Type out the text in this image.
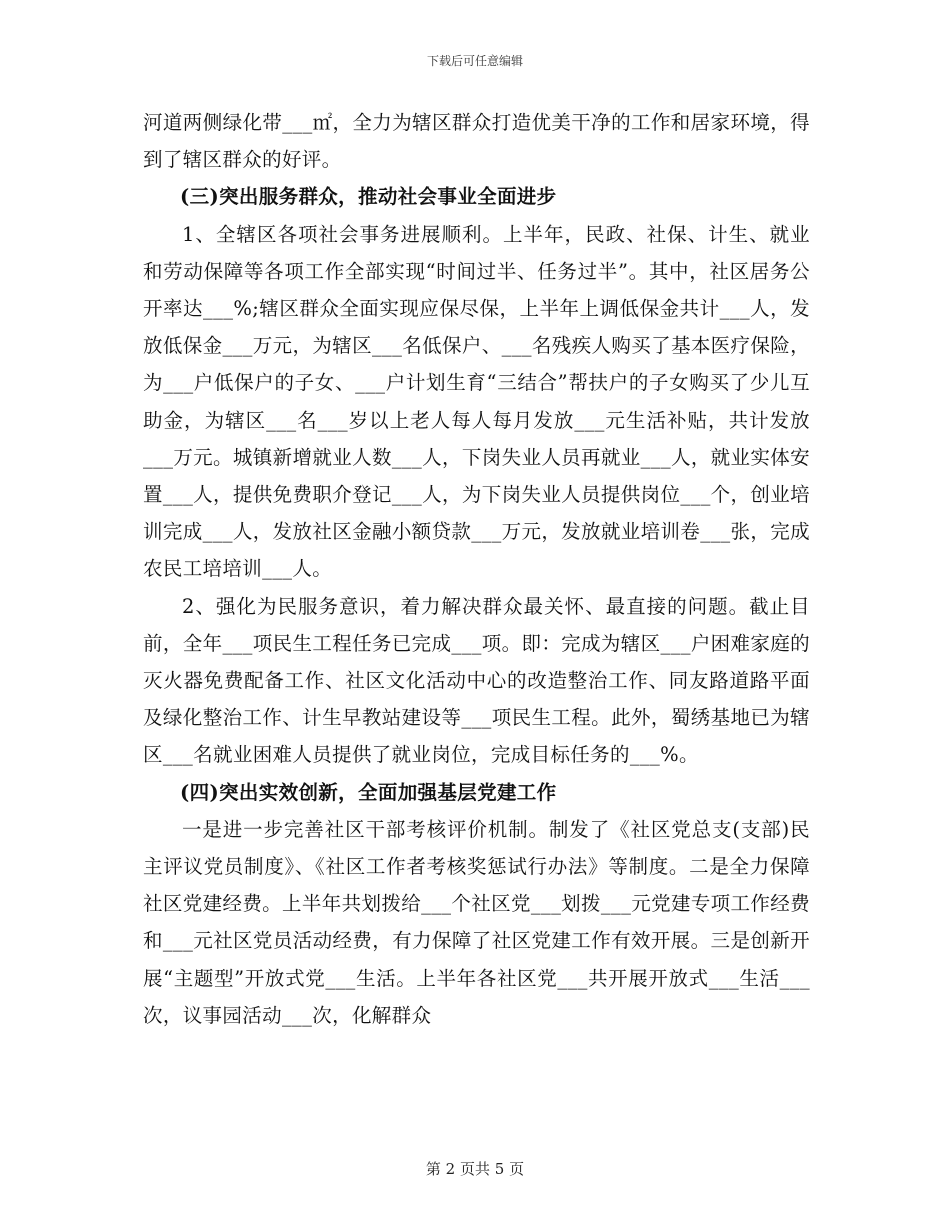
下载后可任意编辑

河道两侧绿化带___㎡，全力为辖区群众打造优美干净的工作和居家环境，得到了辖区群众的好评。

(三)突出服务群众，推动社会事业全面进步

1、全辖区各项社会事务进展顺利。上半年，民政、社保、计生、就业和劳动保障等各项工作全部实现“时间过半、任务过半”。其中，社区居务公开率达___%;辖区群众全面实现应保尽保，上半年上调低保金共计___人，发放低保金___万元，为辖区___名低保户、___名残疾人购买了基本医疗保险，为___户低保户的子女、___户计划生育“三结合”帮扶户的子女购买了少儿互助金，为辖区___名___岁以上老人每人每月发放___元生活补贴，共计发放___万元。城镇新增就业人数___人，下岗失业人员再就业___人，就业实体安置___人，提供免费职介登记___人，为下岗失业人员提供岗位___个，创业培训完成___人，发放社区金融小额贷款___万元，发放就业培训卷___张，完成农民工培培训___人。

2、强化为民服务意识，着力解决群众最关怀、最直接的问题。截止目前，全年___项民生工程任务已完成___项。即：完成为辖区___户困难家庭的灭火器免费配备工作、社区文化活动中心的改造整治工作、同友路道路平面及绿化整治工作、计生早教站建设等___项民生工程。此外，蜀绣基地已为辖区___名就业困难人员提供了就业岗位，完成目标任务的___%。

(四)突出实效创新，全面加强基层党建工作

一是进一步完善社区干部考核评价机制。制发了《社区党总支(支部)民主评议党员制度》、《社区工作者考核奖惩试行办法》等制度。二是全力保障社区党建经费。上半年共划拨给___个社区党___划拨___元党建专项工作经费和___元社区党员活动经费，有力保障了社区党建工作有效开展。三是创新开展“主题型”开放式党___生活。上半年各社区党___共开展开放式___生活___次，议事园活动___次，化解群众

第 2 页共 5 页
